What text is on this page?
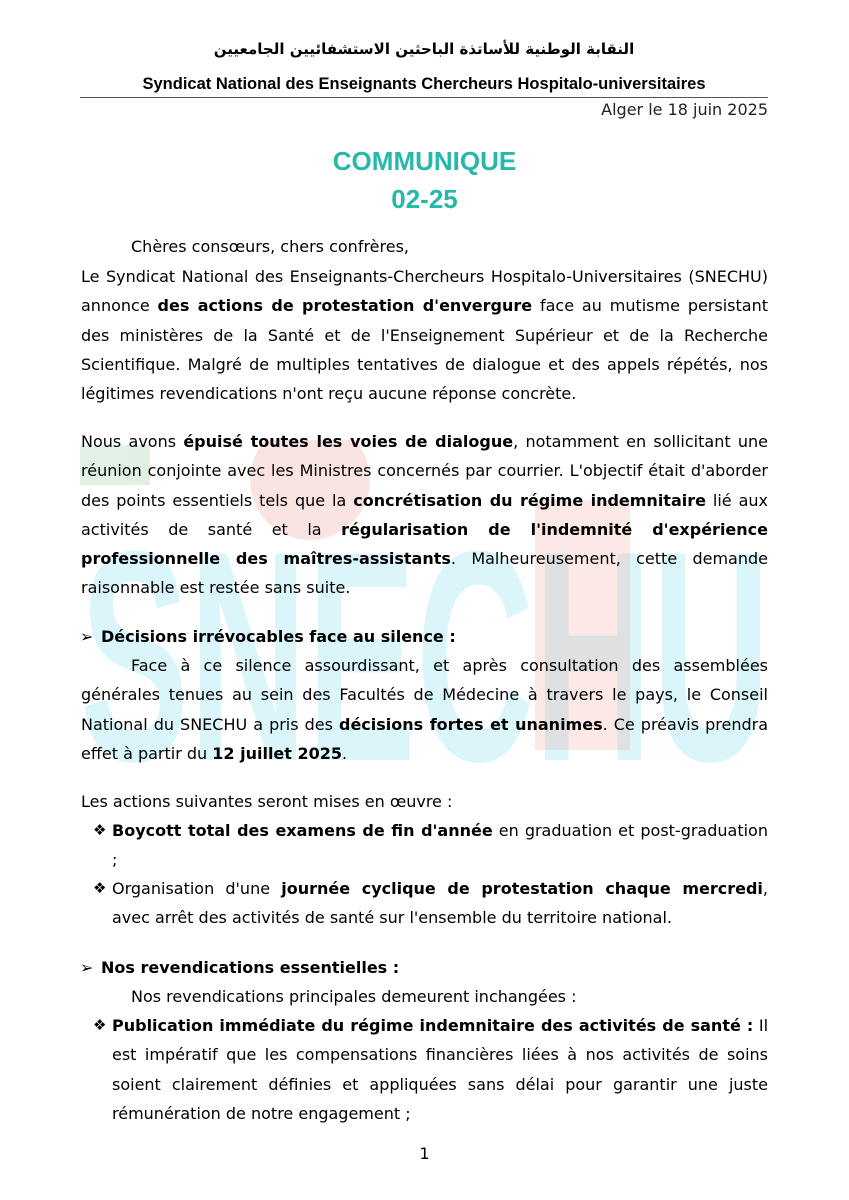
SNECHU
النقابة الوطنية للأساتذة الباحثين الاستشفائيين الجامعيين
Syndicat National des Enseignants Chercheurs Hospitalo-universitaires
Alger le 18 juin 2025
COMMUNIQUE
02-25

Chères consœurs, chers confrères,

Le Syndicat National des Enseignants-Chercheurs Hospitalo-Universitaires (SNECHU) annonce des actions de protestation d'envergure face au mutisme persistant des ministères de la Santé et de l'Enseignement Supérieur et de la Recherche Scientifique. Malgré de multiples tentatives de dialogue et des appels répétés, nos légitimes revendications n'ont reçu aucune réponse concrète.

Nous avons épuisé toutes les voies de dialogue, notamment en sollicitant une réunion conjointe avec les Ministres concernés par courrier. L'objectif était d'aborder des points essentiels tels que la concrétisation du régime indemnitaire lié aux activités de santé et la régularisation de l'indemnité d'expérience professionnelle des maîtres-assistants. Malheureusement, cette demande raisonnable est restée sans suite.

➢ Décisions irrévocables face au silence :

Face à ce silence assourdissant, et après consultation des assemblées générales tenues au sein des Facultés de Médecine à travers le pays, le Conseil National du SNECHU a pris des décisions fortes et unanimes. Ce préavis prendra effet à partir du 12 juillet 2025.

Les actions suivantes seront mises en œuvre :

❖ Boycott total des examens de fin d'année en graduation et post-graduation ;
❖ Organisation d'une journée cyclique de protestation chaque mercredi, avec arrêt des activités de santé sur l'ensemble du territoire national.
➢ Nos revendications essentielles :

Nos revendications principales demeurent inchangées :

❖ Publication immédiate du régime indemnitaire des activités de santé : Il est impératif que les compensations financières liées à nos activités de soins soient clairement définies et appliquées sans délai pour garantir une juste rémunération de notre engagement ;
1
